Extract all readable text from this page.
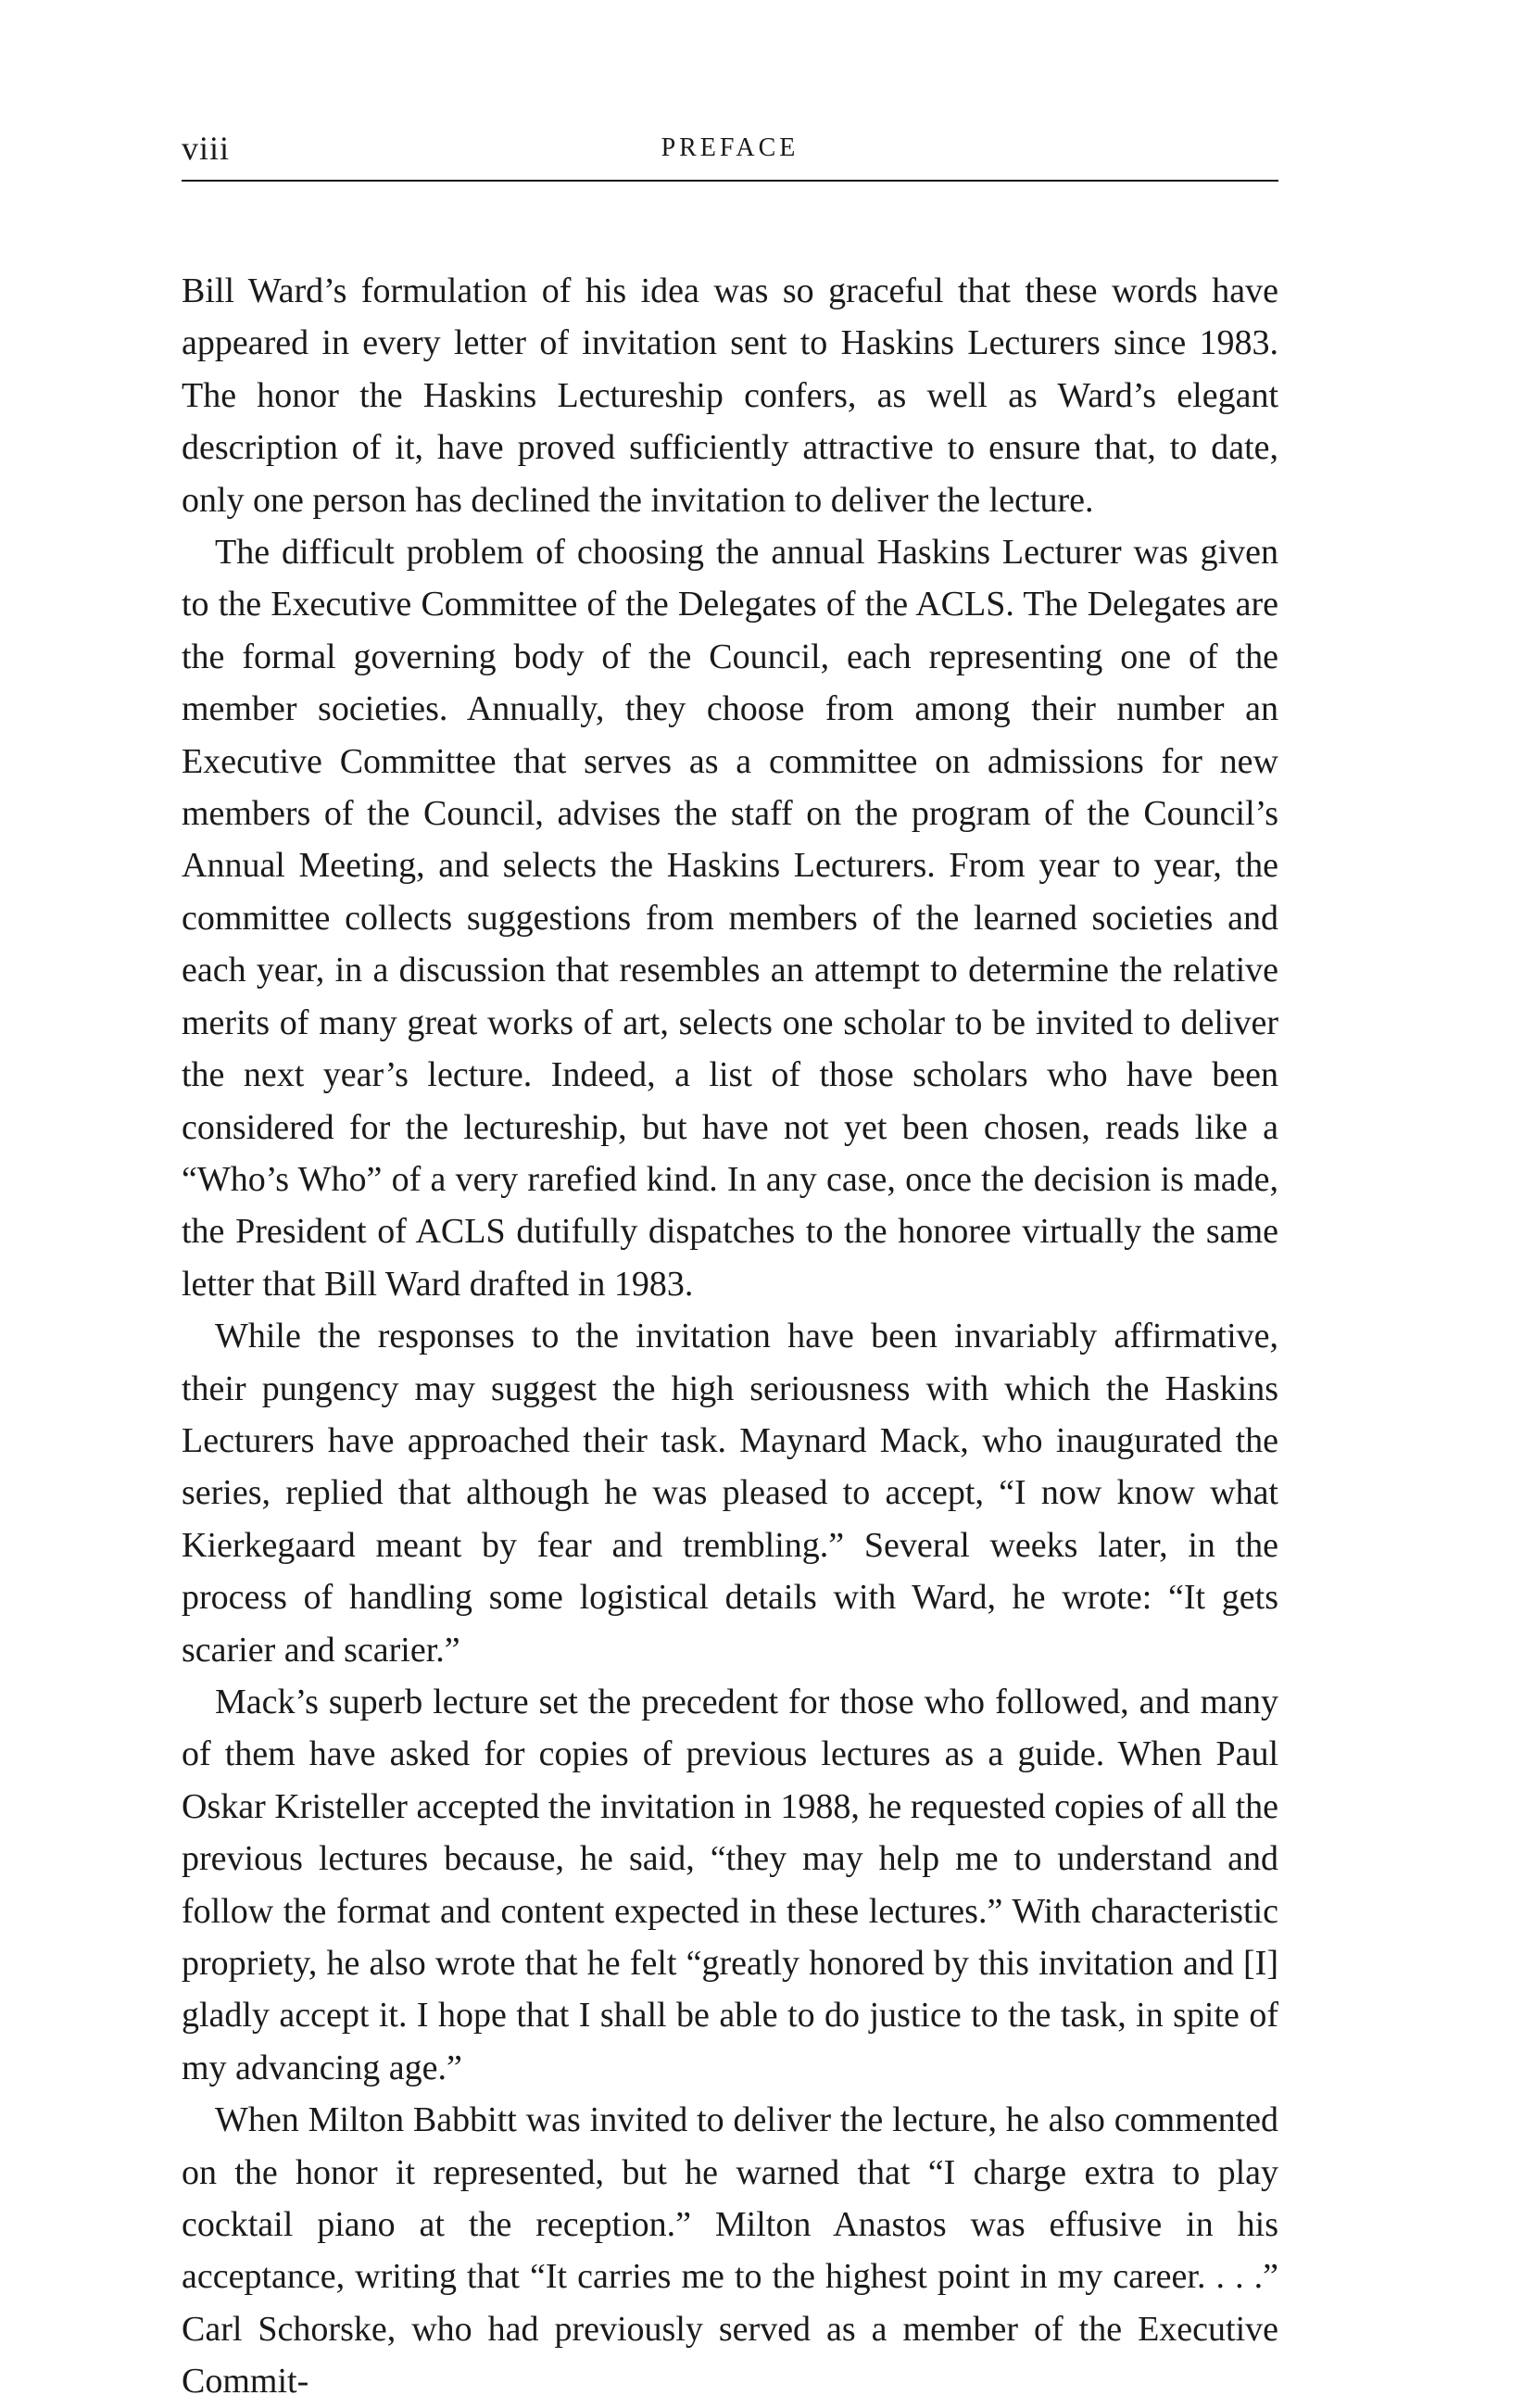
viii	PREFACE

Bill Ward’s formulation of his idea was so graceful that these words have appeared in every letter of invitation sent to Haskins Lecturers since 1983. The honor the Haskins Lectureship confers, as well as Ward’s elegant description of it, have proved sufficiently attractive to ensure that, to date, only one person has declined the invitation to deliver the lecture.

The difficult problem of choosing the annual Haskins Lecturer was given to the Executive Committee of the Delegates of the ACLS. The Delegates are the formal governing body of the Council, each representing one of the member societies. Annually, they choose from among their number an Executive Committee that serves as a committee on admissions for new members of the Council, advises the staff on the program of the Council’s Annual Meeting, and selects the Haskins Lecturers. From year to year, the committee collects suggestions from members of the learned societies and each year, in a discussion that resembles an attempt to determine the relative merits of many great works of art, selects one scholar to be invited to deliver the next year’s lecture. Indeed, a list of those scholars who have been considered for the lectureship, but have not yet been chosen, reads like a “Who’s Who” of a very rarefied kind. In any case, once the decision is made, the President of ACLS dutifully dispatches to the honoree virtually the same letter that Bill Ward drafted in 1983.

While the responses to the invitation have been invariably affirmative, their pungency may suggest the high seriousness with which the Haskins Lecturers have approached their task. Maynard Mack, who inaugurated the series, replied that although he was pleased to accept, “I now know what Kierkegaard meant by fear and trembling.” Several weeks later, in the process of handling some logistical details with Ward, he wrote: “It gets scarier and scarier.”

Mack’s superb lecture set the precedent for those who followed, and many of them have asked for copies of previous lectures as a guide. When Paul Oskar Kristeller accepted the invitation in 1988, he requested copies of all the previous lectures because, he said, “they may help me to understand and follow the format and content expected in these lectures.” With characteristic propriety, he also wrote that he felt “greatly honored by this invitation and [I] gladly accept it. I hope that I shall be able to do justice to the task, in spite of my advancing age.”

When Milton Babbitt was invited to deliver the lecture, he also commented on the honor it represented, but he warned that “I charge extra to play cocktail piano at the reception.” Milton Anastos was effusive in his acceptance, writing that “It carries me to the highest point in my career. . . .” Carl Schorske, who had previously served as a member of the Executive Commit-
